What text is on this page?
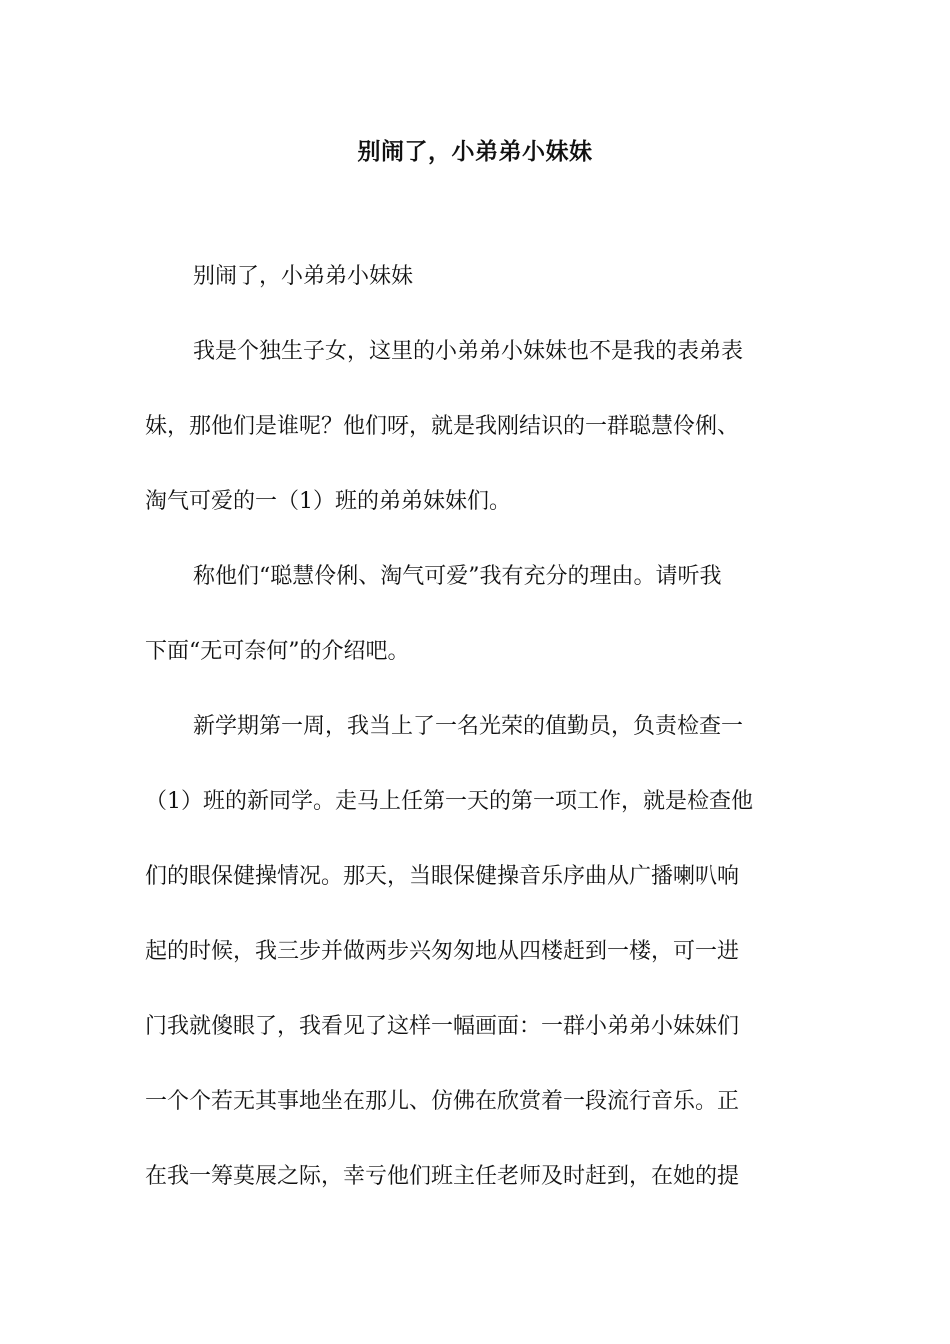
别闹了，小弟弟小妹妹
别闹了，小弟弟小妹妹
我是个独生子女，这里的小弟弟小妹妹也不是我的表弟表
妹，那他们是谁呢？他们呀，就是我刚结识的一群聪慧伶俐、
淘气可爱的一（1）班的弟弟妹妹们。
称他们“聪慧伶俐、淘气可爱”我有充分的理由。请听我
下面“无可奈何”的介绍吧。
新学期第一周，我当上了一名光荣的值勤员，负责检查一
（1）班的新同学。走马上任第一天的第一项工作，就是检查他
们的眼保健操情况。那天，当眼保健操音乐序曲从广播喇叭响
起的时候，我三步并做两步兴匆匆地从四楼赶到一楼，可一进
门我就傻眼了，我看见了这样一幅画面：一群小弟弟小妹妹们
一个个若无其事地坐在那儿、仿佛在欣赏着一段流行音乐。正
在我一筹莫展之际，幸亏他们班主任老师及时赶到，在她的提
